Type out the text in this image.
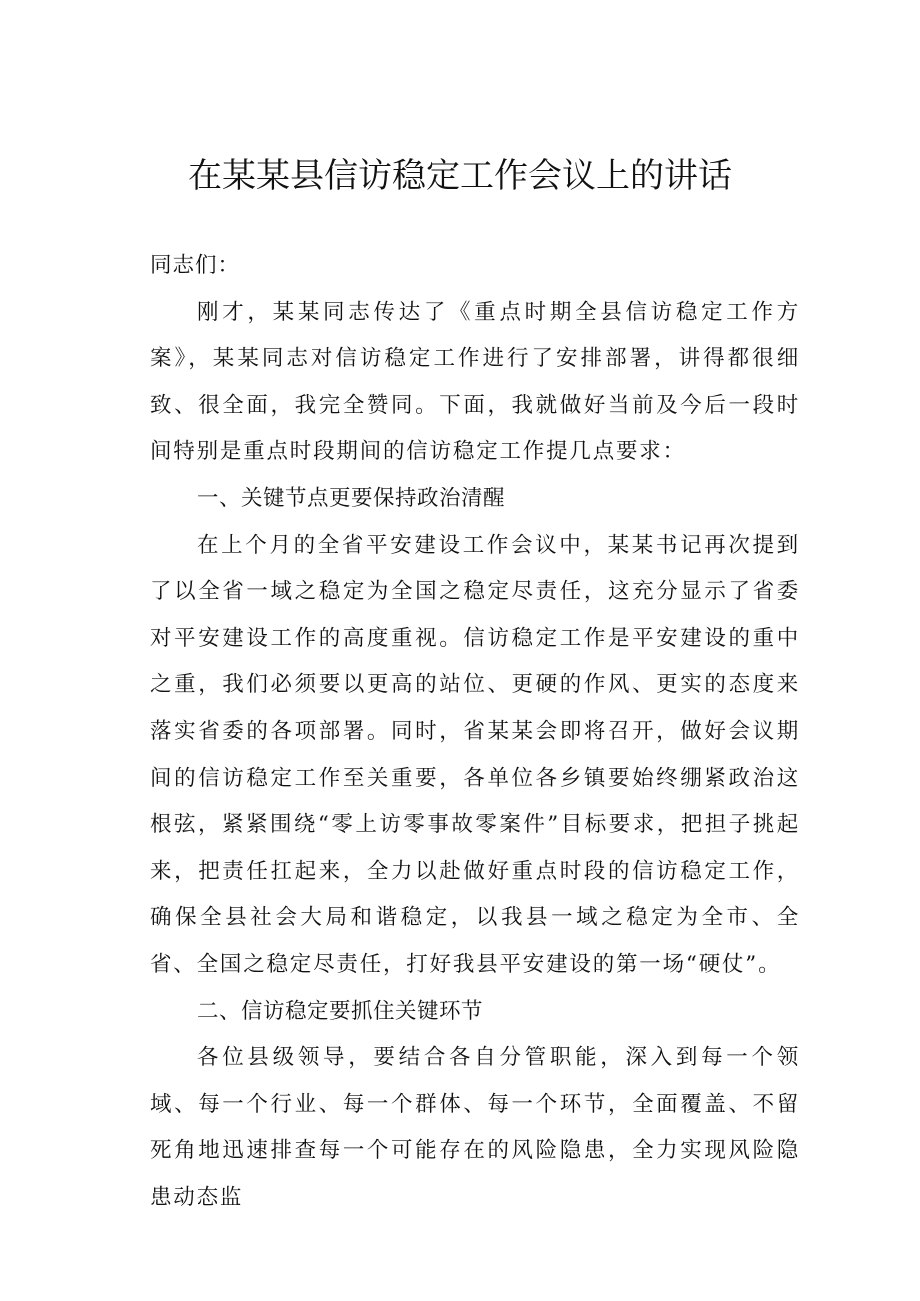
在某某县信访稳定工作会议上的讲话

同志们：

刚才，某某同志传达了《重点时期全县信访稳定工作方案》，某某同志对信访稳定工作进行了安排部署，讲得都很细致、很全面，我完全赞同。下面，我就做好当前及今后一段时间特别是重点时段期间的信访稳定工作提几点要求：

一、关键节点更要保持政治清醒

在上个月的全省平安建设工作会议中，某某书记再次提到了以全省一域之稳定为全国之稳定尽责任，这充分显示了省委对平安建设工作的高度重视。信访稳定工作是平安建设的重中之重，我们必须要以更高的站位、更硬的作风、更实的态度来落实省委的各项部署。同时，省某某会即将召开，做好会议期间的信访稳定工作至关重要，各单位各乡镇要始终绷紧政治这根弦，紧紧围绕“零上访零事故零案件”目标要求，把担子挑起来，把责任扛起来，全力以赴做好重点时段的信访稳定工作，确保全县社会大局和谐稳定，以我县一域之稳定为全市、全省、全国之稳定尽责任，打好我县平安建设的第一场“硬仗”。

二、信访稳定要抓住关键环节

各位县级领导，要结合各自分管职能，深入到每一个领域、每一个行业、每一个群体、每一个环节，全面覆盖、不留死角地迅速排查每一个可能存在的风险隐患，全力实现风险隐患动态监
